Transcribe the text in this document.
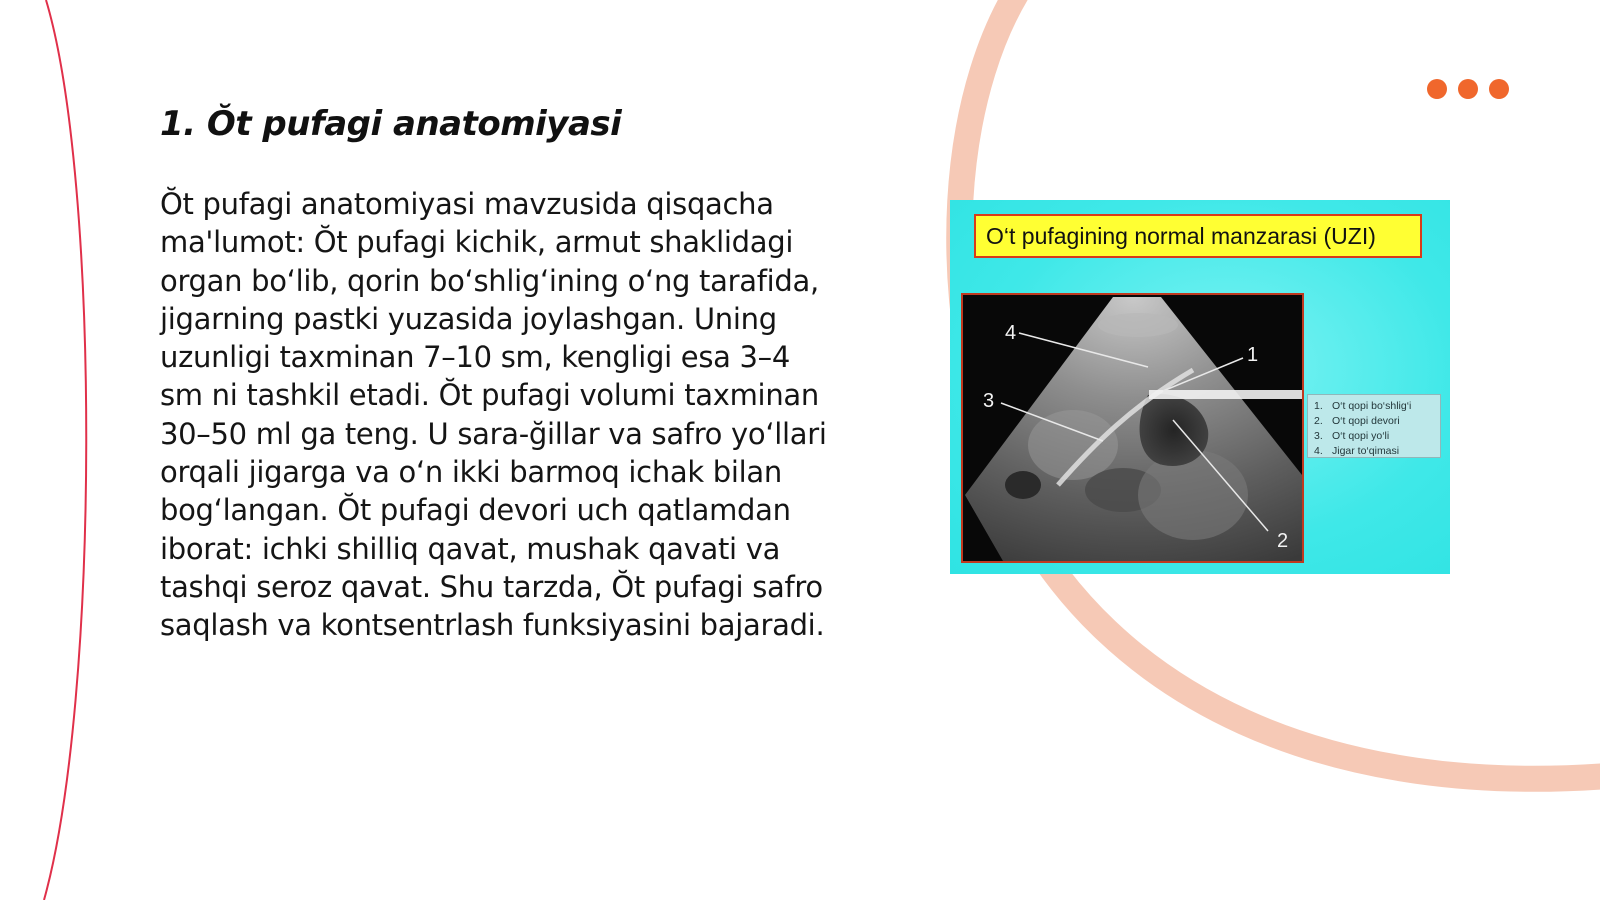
1. Ŏt pufagi anatomiyasi

Ŏt pufagi anatomiyasi mavzusida qisqacha ma'lumot: Ŏt pufagi kichik, armut shaklidagi organ bo‘lib, qorin bo‘shlig‘ining o‘ng tarafida, jigarning pastki yuzasida joylashgan. Uning uzunligi taxminan 7–10 sm, kengligi esa 3–4 sm ni tashkil etadi. Ŏt pufagi volumi taxminan 30–50 ml ga teng. U sara-ğillar va safro yo‘llari orqali jigarga va o‘n ikki barmoq ichak bilan bog‘langan. Ŏt pufagi devori uch qatlamdan iborat: ichki shilliq qavat, mushak qavati va tashqi seroz qavat. Shu tarzda, Ŏt pufagi safro saqlash va kontsentrlash funksiyasini bajaradi.

O‘t pufagining normal manzarasi (UZI)
4
3
1
2
1. O‘t qopi bo‘shlig‘i
2. O‘t qopi devori
3. O‘t qopi yo‘li
4. Jigar to‘qimasi
